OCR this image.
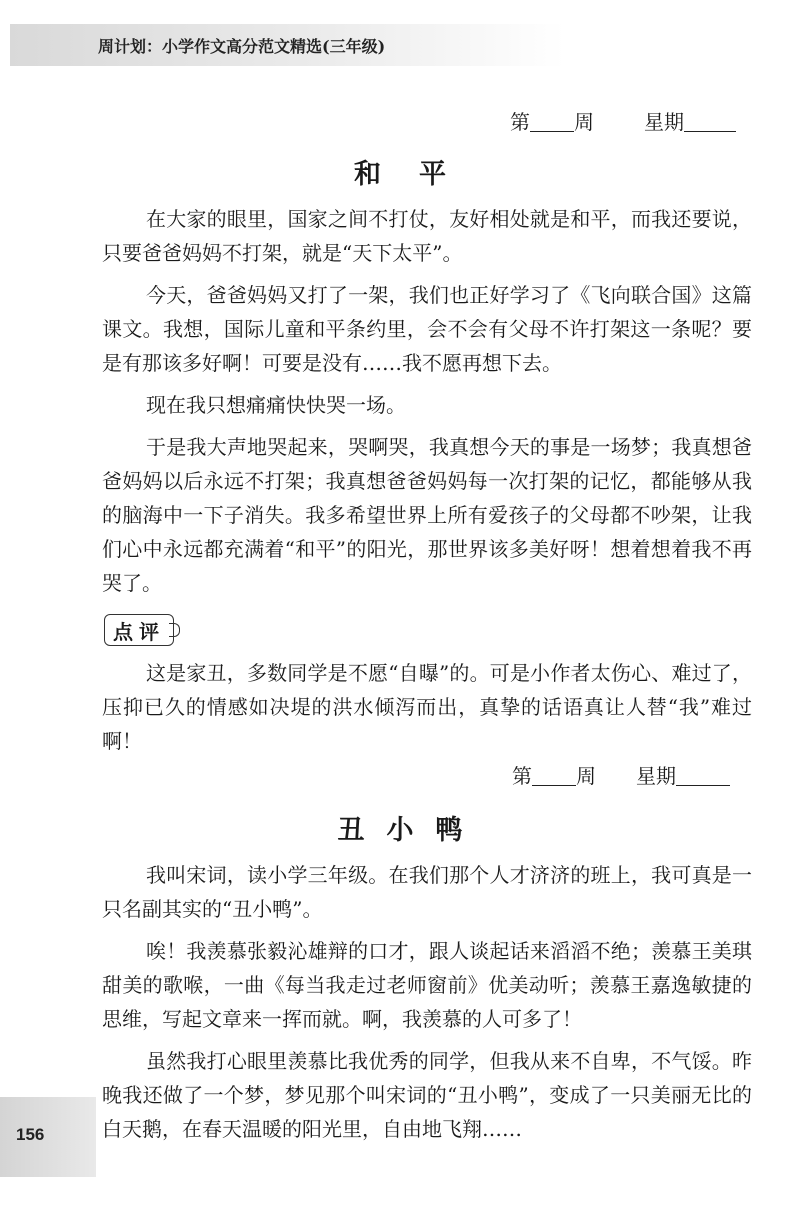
周计划：小学作文高分范文精选(三年级)
第 周	星期
和平

在大家的眼里，国家之间不打仗，友好相处就是和平，而我还要说，只要爸爸妈妈不打架，就是“天下太平”。

今天，爸爸妈妈又打了一架，我们也正好学习了《飞向联合国》这篇课文。我想，国际儿童和平条约里，会不会有父母不许打架这一条呢？要是有那该多好啊！可要是没有……我不愿再想下去。

现在我只想痛痛快快哭一场。

于是我大声地哭起来，哭啊哭，我真想今天的事是一场梦；我真想爸爸妈妈以后永远不打架；我真想爸爸妈妈每一次打架的记忆，都能够从我的脑海中一下子消失。我多希望世界上所有爱孩子的父母都不吵架，让我们心中永远都充满着“和平”的阳光，那世界该多美好呀！想着想着我不再哭了。

点评

这是家丑，多数同学是不愿“自曝”的。可是小作者太伤心、难过了，压抑已久的情感如决堤的洪水倾泻而出，真挚的话语真让人替“我”难过啊！

第 周 星期
丑小鸭

我叫宋词，读小学三年级。在我们那个人才济济的班上，我可真是一只名副其实的“丑小鸭”。

唉！我羡慕张毅沁雄辩的口才，跟人谈起话来滔滔不绝；羡慕王美琪甜美的歌喉，一曲《每当我走过老师窗前》优美动听；羡慕王嘉逸敏捷的思维，写起文章来一挥而就。啊，我羡慕的人可多了！

虽然我打心眼里羡慕比我优秀的同学，但我从来不自卑，不气馁。昨晚我还做了一个梦，梦见那个叫宋词的“丑小鸭”，变成了一只美丽无比的白天鹅，在春天温暖的阳光里，自由地飞翔……

156
